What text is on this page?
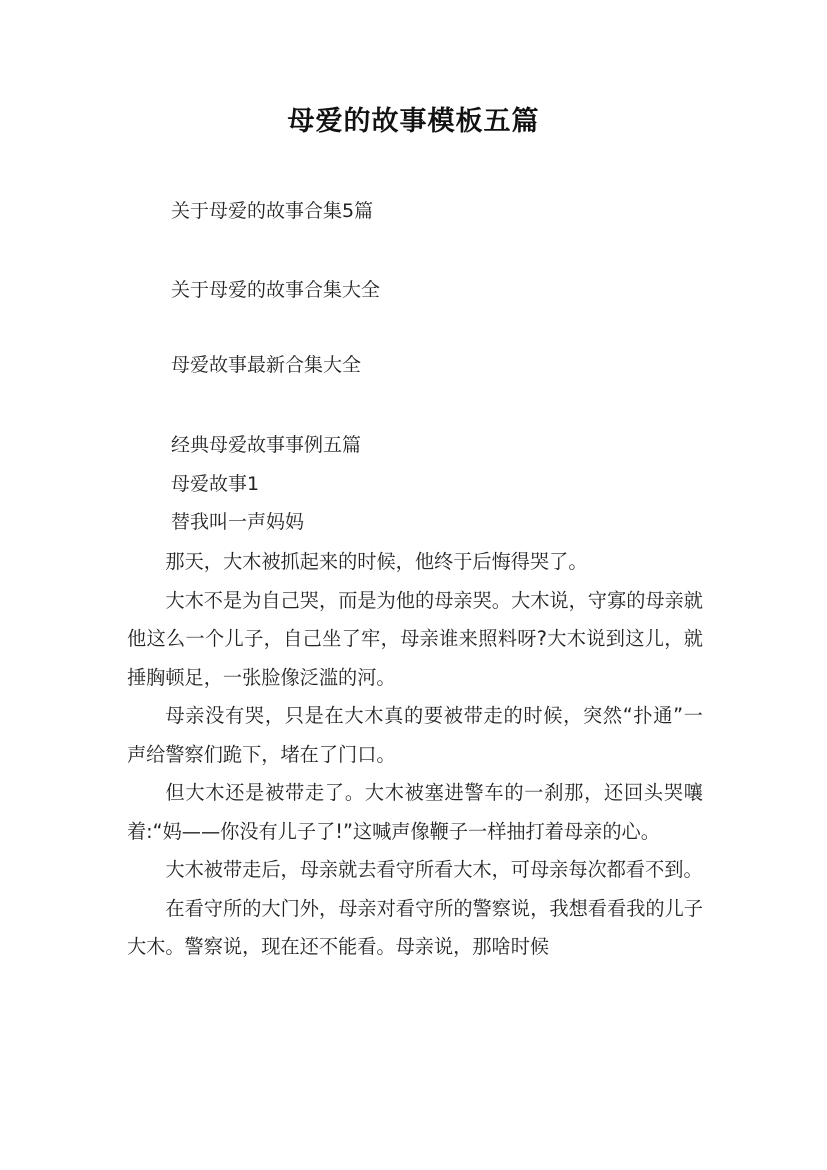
母爱的故事模板五篇
关于母爱的故事合集5篇
关于母爱的故事合集大全
母爱故事最新合集大全
经典母爱故事事例五篇
母爱故事1
替我叫一声妈妈

那天，大木被抓起来的时候，他终于后悔得哭了。

大木不是为自己哭，而是为他的母亲哭。大木说，守寡的母亲就他这么一个儿子，自己坐了牢，母亲谁来照料呀?大木说到这儿，就捶胸顿足，一张脸像泛滥的河。

母亲没有哭，只是在大木真的要被带走的时候，突然“扑通”一声给警察们跪下，堵在了门口。

但大木还是被带走了。大木被塞进警车的一刹那，还回头哭嚷着:“妈——你没有儿子了!”这喊声像鞭子一样抽打着母亲的心。

大木被带走后，母亲就去看守所看大木，可母亲每次都看不到。

在看守所的大门外，母亲对看守所的警察说，我想看看我的儿子大木。警察说，现在还不能看。母亲说，那啥时候
